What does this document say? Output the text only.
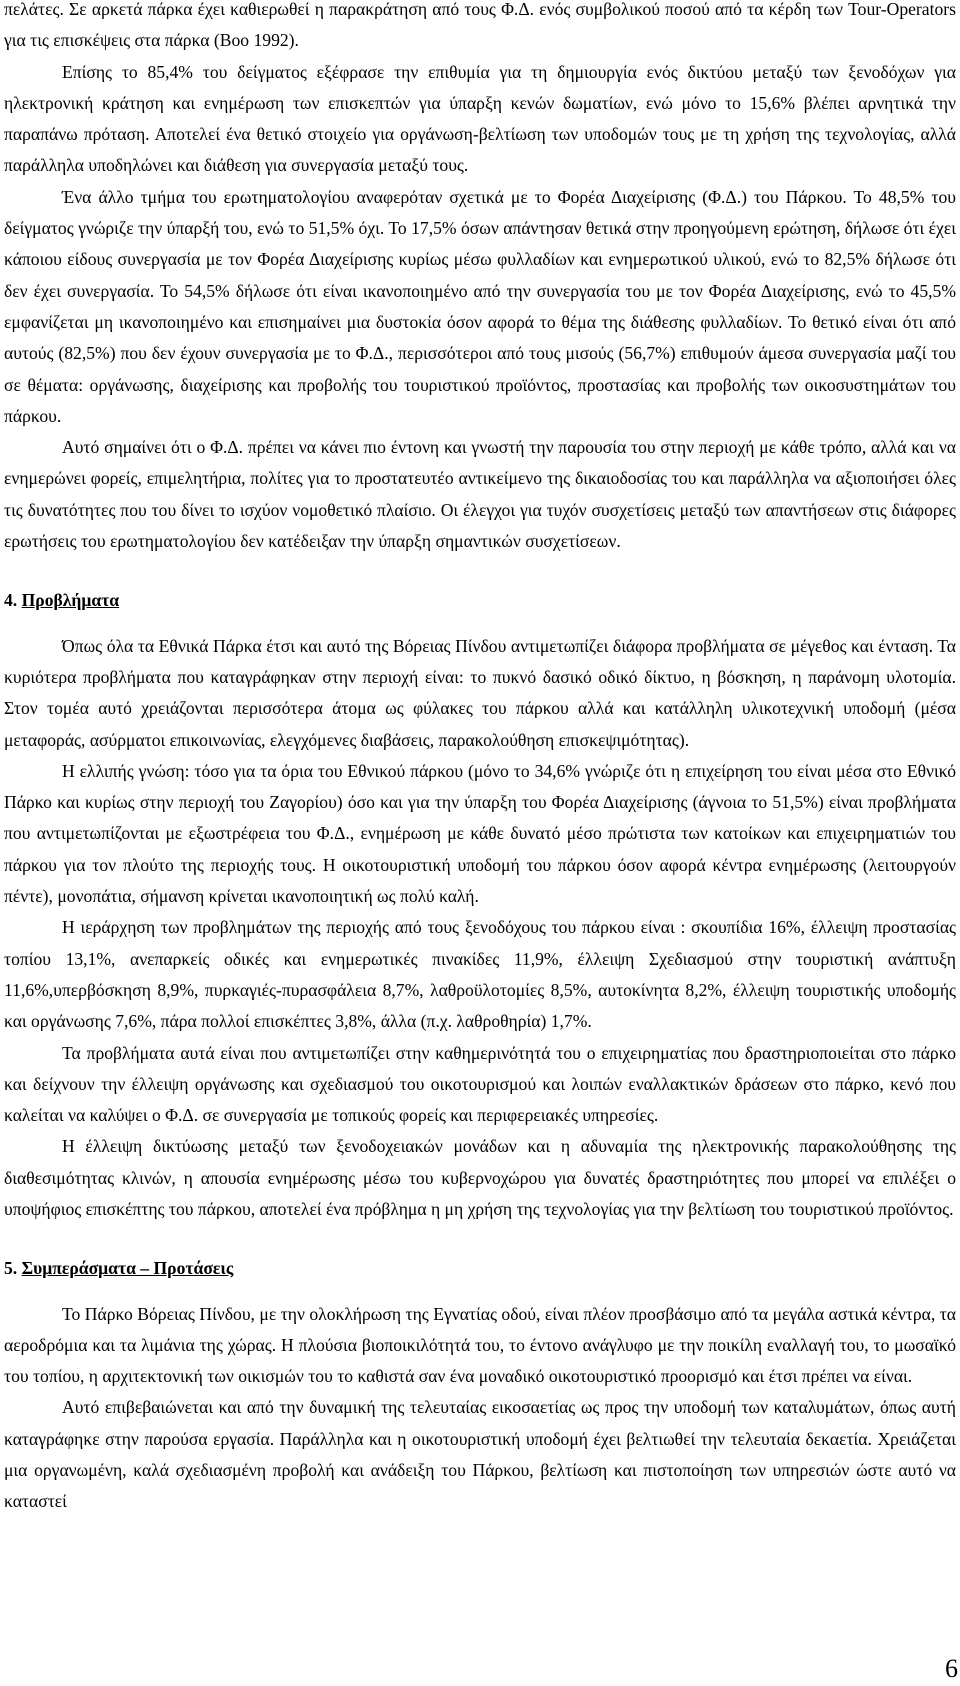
πελάτες. Σε αρκετά πάρκα έχει καθιερωθεί η παρακράτηση από τους Φ.Δ. ενός συμβολικού ποσού από τα κέρδη των Tour-Operators για τις επισκέψεις στα πάρκα (Boo 1992).

Επίσης το 85,4% του δείγματος εξέφρασε την επιθυμία για τη δημιουργία ενός δικτύου μεταξύ των ξενοδόχων για ηλεκτρονική κράτηση και ενημέρωση των επισκεπτών για ύπαρξη κενών δωματίων, ενώ μόνο το 15,6% βλέπει αρνητικά την παραπάνω πρόταση. Αποτελεί ένα θετικό στοιχείο για οργάνωση-βελτίωση των υποδομών τους με τη χρήση της τεχνολογίας, αλλά παράλληλα υποδηλώνει και διάθεση για συνεργασία μεταξύ τους.

Ένα άλλο τμήμα του ερωτηματολογίου αναφερόταν σχετικά με το Φορέα Διαχείρισης (Φ.Δ.) του Πάρκου. Το 48,5% του δείγματος γνώριζε την ύπαρξή του, ενώ το 51,5% όχι. Το 17,5% όσων απάντησαν θετικά στην προηγούμενη ερώτηση, δήλωσε ότι έχει κάποιου είδους συνεργασία με τον Φορέα Διαχείρισης κυρίως μέσω φυλλαδίων και ενημερωτικού υλικού, ενώ το 82,5% δήλωσε ότι δεν έχει συνεργασία. Το 54,5% δήλωσε ότι είναι ικανοποιημένο από την συνεργασία του με τον Φορέα Διαχείρισης, ενώ το 45,5% εμφανίζεται μη ικανοποιημένο και επισημαίνει μια δυστοκία όσον αφορά το θέμα της διάθεσης φυλλαδίων. Το θετικό είναι ότι από αυτούς (82,5%) που δεν έχουν συνεργασία με το Φ.Δ., περισσότεροι από τους μισούς (56,7%) επιθυμούν άμεσα συνεργασία μαζί του σε θέματα: οργάνωσης, διαχείρισης και προβολής του τουριστικού προϊόντος, προστασίας και προβολής των οικοσυστημάτων του πάρκου.

Αυτό σημαίνει ότι ο Φ.Δ. πρέπει να κάνει πιο έντονη και γνωστή την παρουσία του στην περιοχή με κάθε τρόπο, αλλά και να ενημερώνει φορείς, επιμελητήρια, πολίτες για το προστατευτέο αντικείμενο της δικαιοδοσίας του και παράλληλα να αξιοποιήσει όλες τις δυνατότητες που του δίνει το ισχύον νομοθετικό πλαίσιο. Οι έλεγχοι για τυχόν συσχετίσεις μεταξύ των απαντήσεων στις διάφορες ερωτήσεις του ερωτηματολογίου δεν κατέδειξαν την ύπαρξη σημαντικών συσχετίσεων.

4. Προβλήματα

Όπως όλα τα Εθνικά Πάρκα έτσι και αυτό της Βόρειας Πίνδου αντιμετωπίζει διάφορα προβλήματα σε μέγεθος και ένταση. Τα κυριότερα προβλήματα που καταγράφηκαν στην περιοχή είναι: το πυκνό δασικό οδικό δίκτυο, η βόσκηση, η παράνομη υλοτομία. Στον τομέα αυτό χρειάζονται περισσότερα άτομα ως φύλακες του πάρκου αλλά και κατάλληλη υλικοτεχνική υποδομή (μέσα μεταφοράς, ασύρματοι επικοινωνίας, ελεγχόμενες διαβάσεις, παρακολούθηση επισκεψιμότητας).

Η ελλιπής γνώση: τόσο για τα όρια του Εθνικού πάρκου (μόνο το 34,6% γνώριζε ότι η επιχείρηση του είναι μέσα στο Εθνικό Πάρκο και κυρίως στην περιοχή του Ζαγορίου) όσο και για την ύπαρξη του Φορέα Διαχείρισης (άγνοια το 51,5%) είναι προβλήματα που αντιμετωπίζονται με εξωστρέφεια του Φ.Δ., ενημέρωση με κάθε δυνατό μέσο πρώτιστα των κατοίκων και επιχειρηματιών του πάρκου για τον πλούτο της περιοχής τους. Η οικοτουριστική υποδομή του πάρκου όσον αφορά κέντρα ενημέρωσης (λειτουργούν πέντε), μονοπάτια, σήμανση κρίνεται ικανοποιητική ως πολύ καλή.

Η ιεράρχηση των προβλημάτων της περιοχής από τους ξενοδόχους του πάρκου είναι : σκουπίδια 16%, έλλειψη προστασίας τοπίου 13,1%, ανεπαρκείς οδικές και ενημερωτικές πινακίδες 11,9%, έλλειψη Σχεδιασμού στην τουριστική ανάπτυξη 11,6%,υπερβόσκηση 8,9%, πυρκαγιές-πυρασφάλεια 8,7%, λαθροϋλοτομίες 8,5%, αυτοκίνητα 8,2%, έλλειψη τουριστικής υποδομής και οργάνωσης 7,6%, πάρα πολλοί επισκέπτες 3,8%, άλλα (π.χ. λαθροθηρία) 1,7%.

Τα προβλήματα αυτά είναι που αντιμετωπίζει στην καθημερινότητά του ο επιχειρηματίας που δραστηριοποιείται στο πάρκο και δείχνουν την έλλειψη οργάνωσης και σχεδιασμού του οικοτουρισμού και λοιπών εναλλακτικών δράσεων στο πάρκο, κενό που καλείται να καλύψει ο Φ.Δ. σε συνεργασία με τοπικούς φορείς και περιφερειακές υπηρεσίες.

Η έλλειψη δικτύωσης μεταξύ των ξενοδοχειακών μονάδων και η αδυναμία της ηλεκτρονικής παρακολούθησης της διαθεσιμότητας κλινών, η απουσία ενημέρωσης μέσω του κυβερνοχώρου για δυνατές δραστηριότητες που μπορεί να επιλέξει ο υποψήφιος επισκέπτης του πάρκου, αποτελεί ένα πρόβλημα η μη χρήση της τεχνολογίας για την βελτίωση του τουριστικού προϊόντος.

5. Συμπεράσματα – Προτάσεις

Το Πάρκο Βόρειας Πίνδου, με την ολοκλήρωση της Εγνατίας οδού, είναι πλέον προσβάσιμο από τα μεγάλα αστικά κέντρα, τα αεροδρόμια και τα λιμάνια της χώρας. Η πλούσια βιοποικιλότητά του, το έντονο ανάγλυφο με την ποικίλη εναλλαγή του, το μωσαϊκό του τοπίου, η αρχιτεκτονική των οικισμών του το καθιστά σαν ένα μοναδικό οικοτουριστικό προορισμό και έτσι πρέπει να είναι.

Αυτό επιβεβαιώνεται και από την δυναμική της τελευταίας εικοσαετίας ως προς την υποδομή των καταλυμάτων, όπως αυτή καταγράφηκε στην παρούσα εργασία. Παράλληλα και η οικοτουριστική υποδομή έχει βελτιωθεί την τελευταία δεκαετία. Χρειάζεται μια οργανωμένη, καλά σχεδιασμένη προβολή και ανάδειξη του Πάρκου, βελτίωση και πιστοποίηση των υπηρεσιών ώστε αυτό να καταστεί

6
